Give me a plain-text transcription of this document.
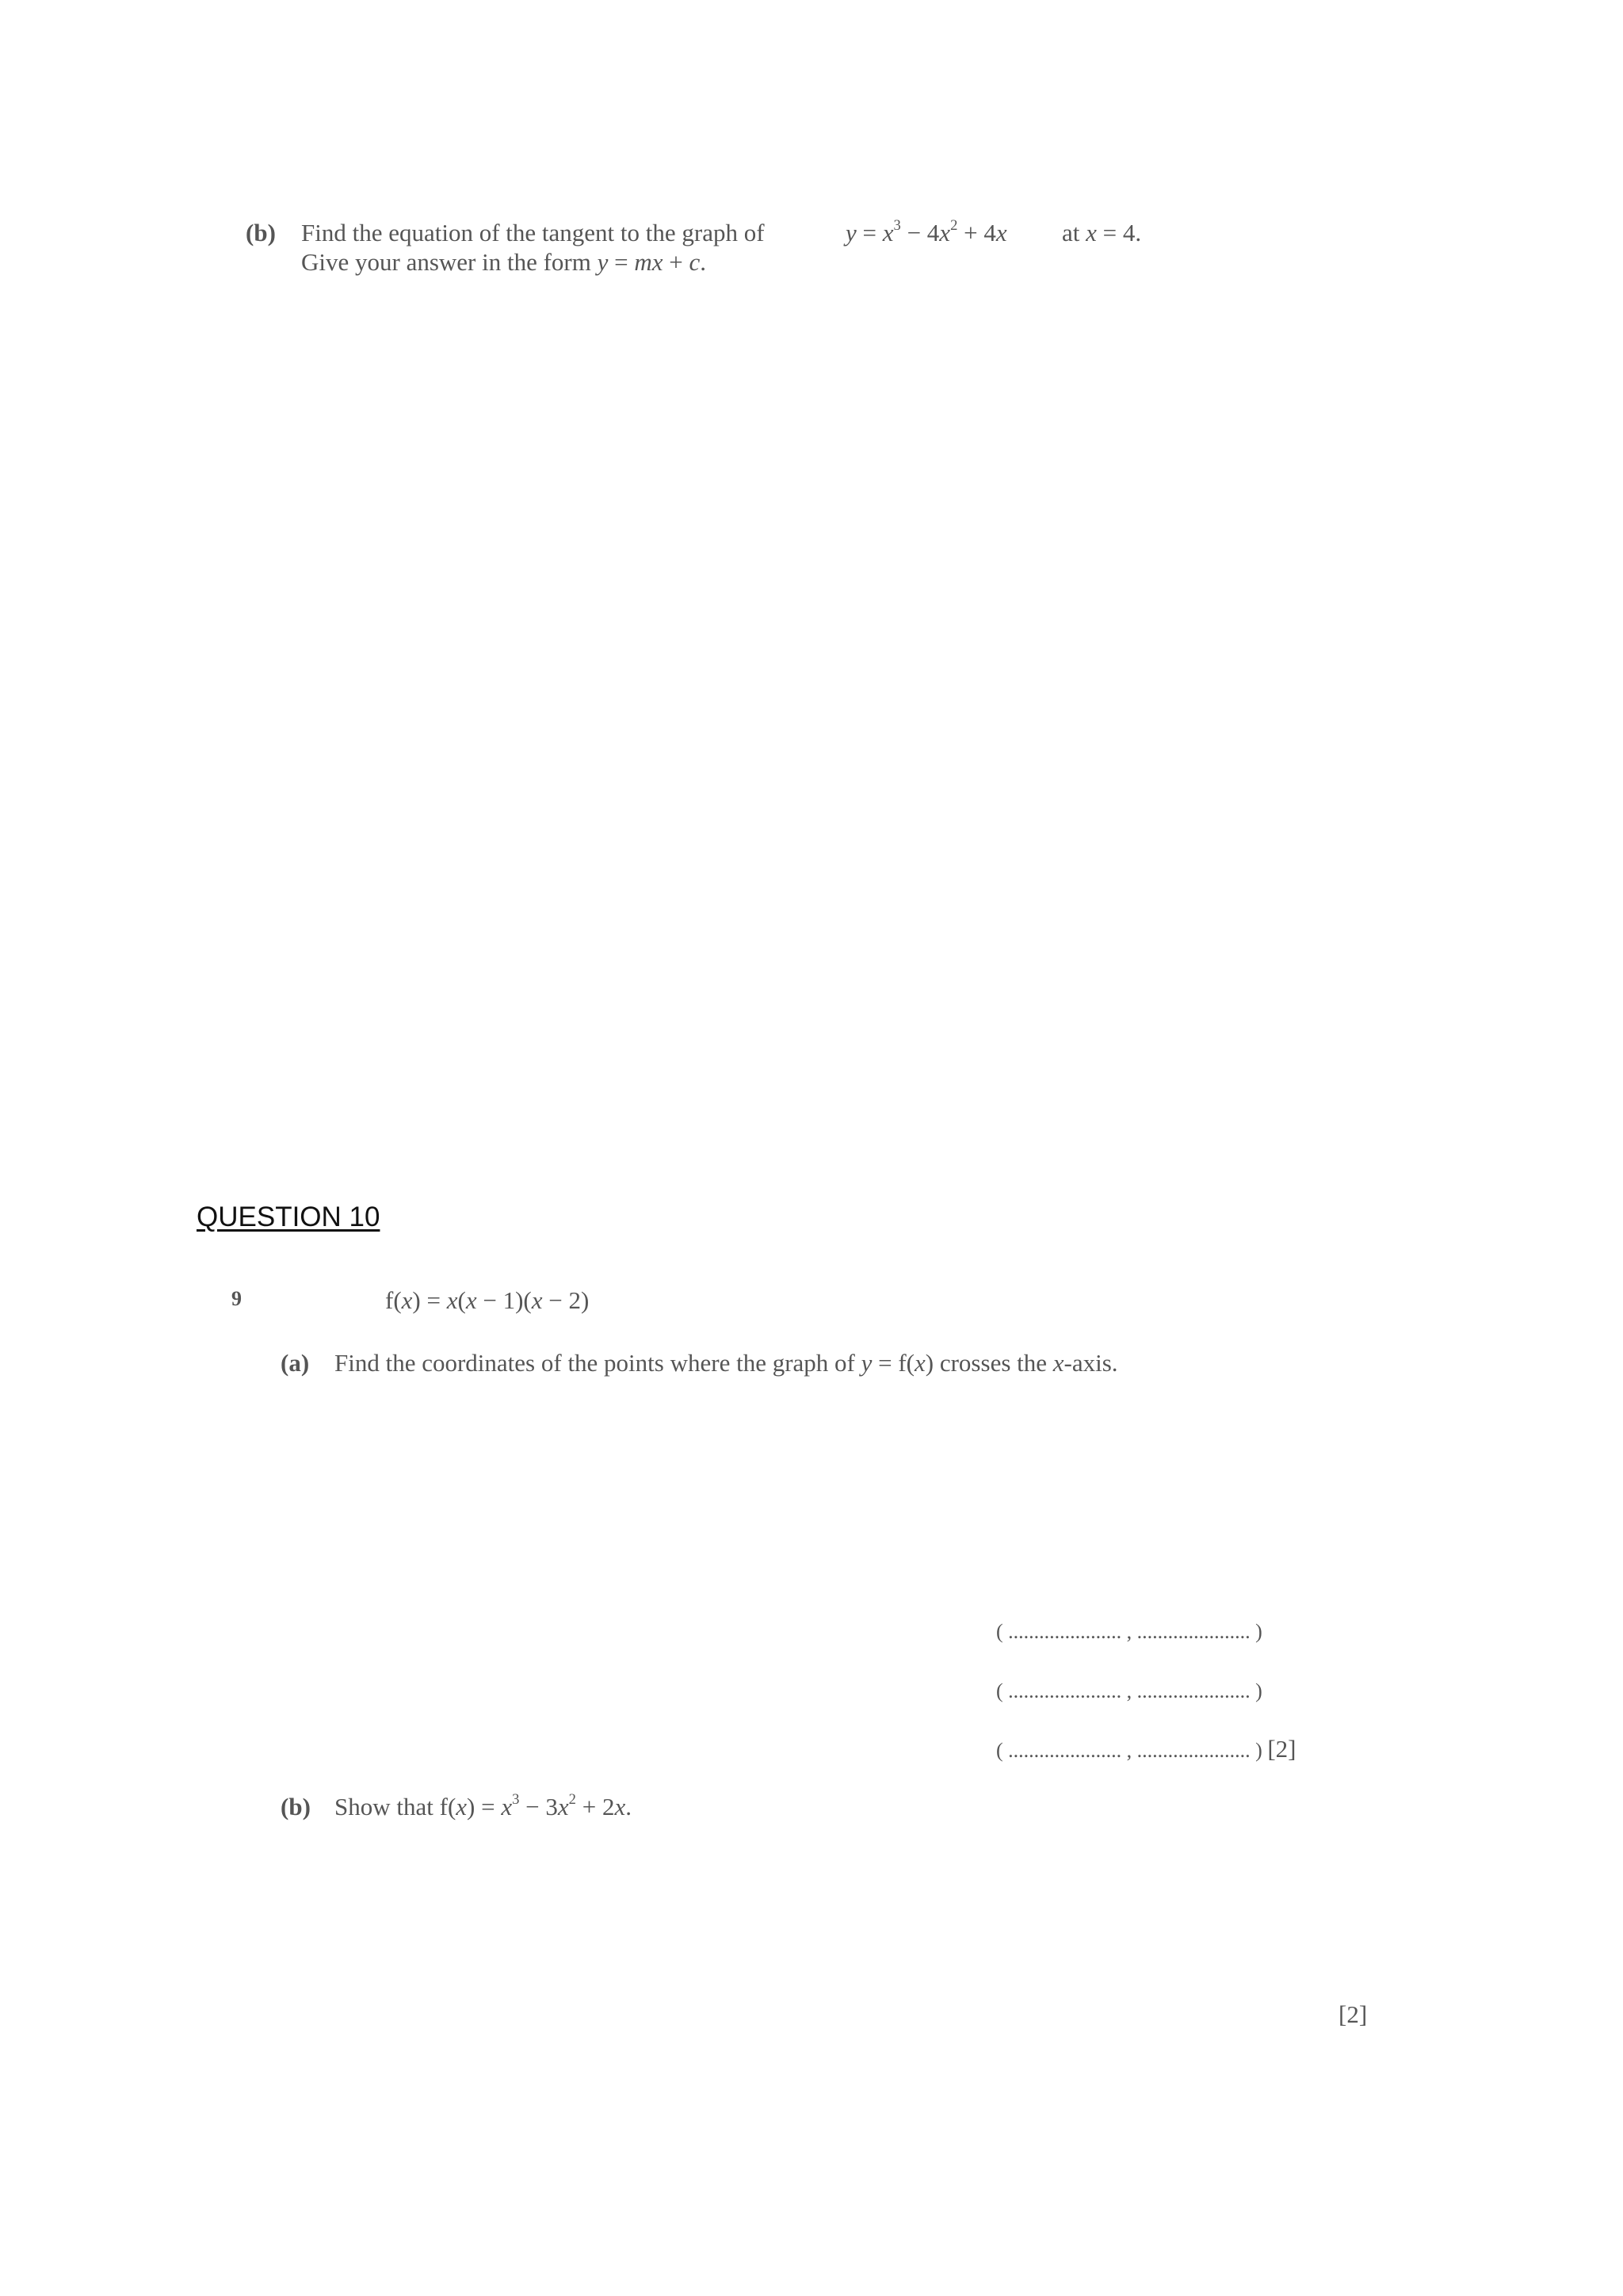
(b) Find the equation of the tangent to the graph of	$y = x^3 - 4x^2 + 4x$ at x = 4.
Give your answer in the form y = mx + c.
QUESTION 10
9	f(x) = x(x − 1)(x − 2)
(a) Find the coordinates of the points where the graph of y = f(x) crosses the x-axis.
( ...................... , ...................... )
( ...................... , ...................... )
( ...................... , ...................... ) [2]
(b) Show that $f(x) = x^3 - 3x^2 + 2x$.
[2]
